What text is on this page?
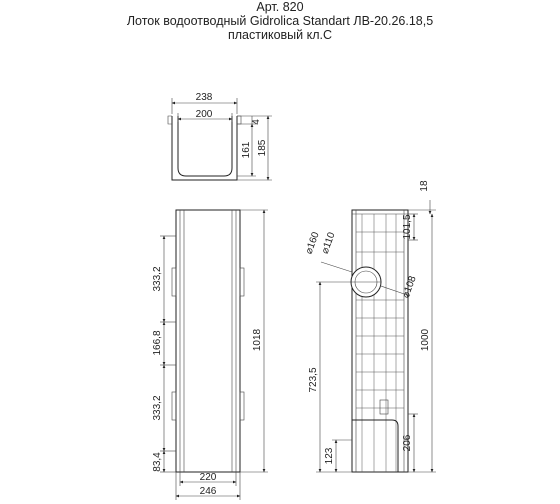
Арт. 820
Лоток водоотводный Gidrolica Standart ЛВ-20.26.18,5
пластиковый кл.С
238
200
4
161 185
333,2
166,8
333,2
83,4
1018
220
246
⌀160
⌀110
⌀108
101,5
18
1000
723,5
123
206
